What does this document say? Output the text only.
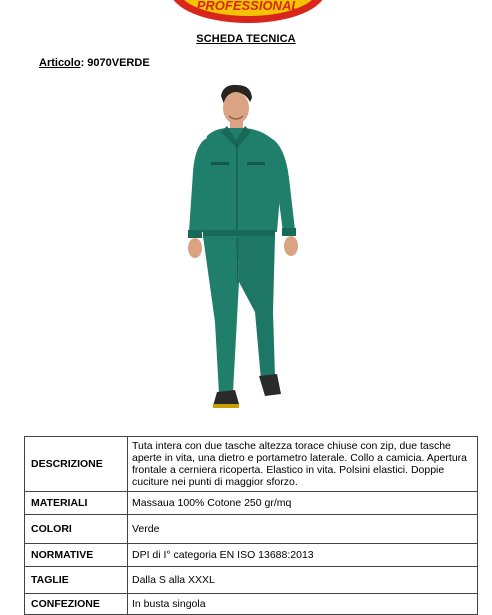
PROFESSIONAL
SCHEDA TECNICA
Articolo: 9070VERDE
DESCRIZIONE	Tuta intera con due tasche altezza torace chiuse con zip, due tasche aperte in vita, una dietro e portametro laterale. Collo a camicia. Apertura frontale a cerniera ricoperta. Elastico in vita. Polsini elastici. Doppie cuciture nei punti di maggior sforzo.
MATERIALI	Massaua 100% Cotone 250 gr/mq
COLORI	Verde
NORMATIVE	DPI di I° categoria EN ISO 13688:2013
TAGLIE	Dalla S alla XXXL
CONFEZIONE	In busta singola
